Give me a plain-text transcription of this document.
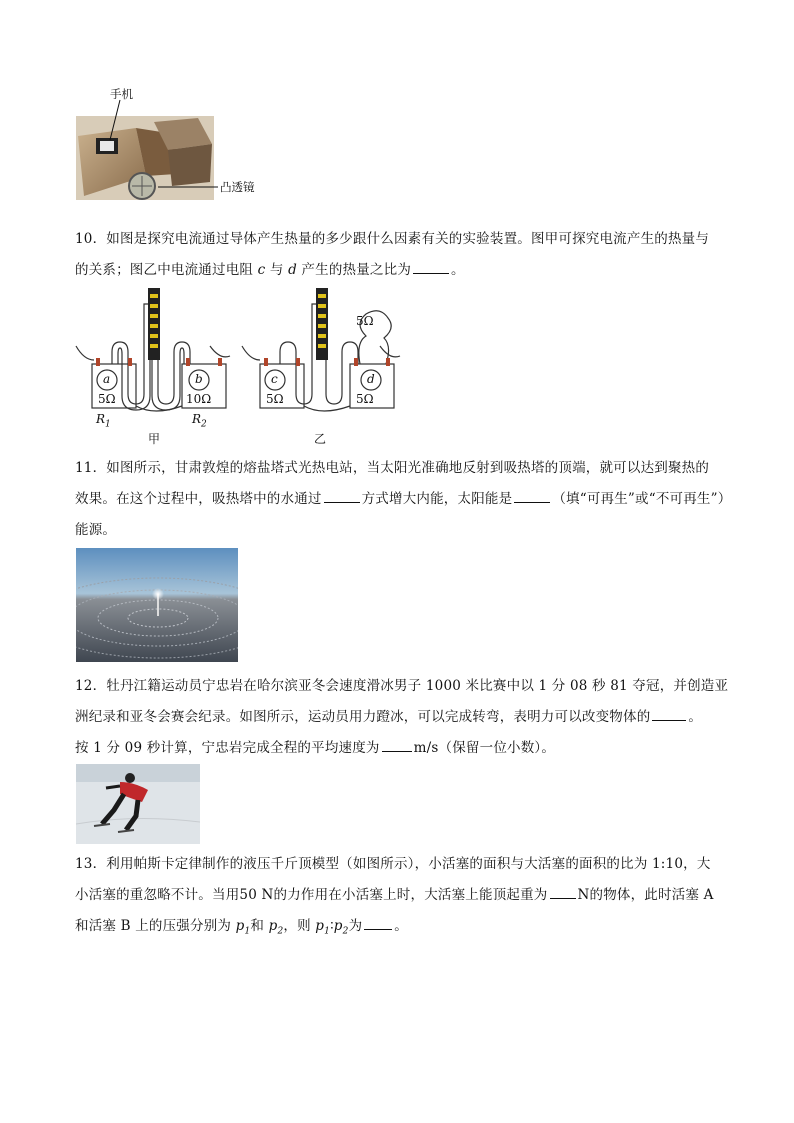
手机
凸透镜
10．如图是探究电流通过导体产生热量的多少跟什么因素有关的实验装置。图甲可探究电流产生的热量与
的关系；图乙中电流通过电阻 c 与 d 产生的热量之比为	。
a	b	c	d
5Ω	10Ω	5Ω	5Ω
5Ω
$R_1$	$R_2$
甲	乙
11．如图所示，甘肃敦煌的熔盐塔式光热电站，当太阳光准确地反射到吸热塔的顶端，就可以达到聚热的
效果。在这个过程中，吸热塔中的水通过	方式增大内能，太阳能是	（填“可再生”或“不可再生”）
能源。
12．牡丹江籍运动员宁忠岩在哈尔滨亚冬会速度滑冰男子 1000 米比赛中以 1 分 08 秒 81 夺冠，并创造亚
洲纪录和亚冬会赛会纪录。如图所示，运动员用力蹬冰，可以完成转弯，表明力可以改变物体的	。
按 1 分 09 秒计算，宁忠岩完成全程的平均速度为	m/s（保留一位小数）。
13．利用帕斯卡定律制作的液压千斤顶模型（如图所示），小活塞的面积与大活塞的面积的比为 1:10，大
小活塞的重忽略不计。当用50 N的力作用在小活塞上时，大活塞上能顶起重为 N的物体，此时活塞 A
和活塞 B 上的压强分别为 $p_1$和 $p_2$，则 $p_1∶p_2$为 。
